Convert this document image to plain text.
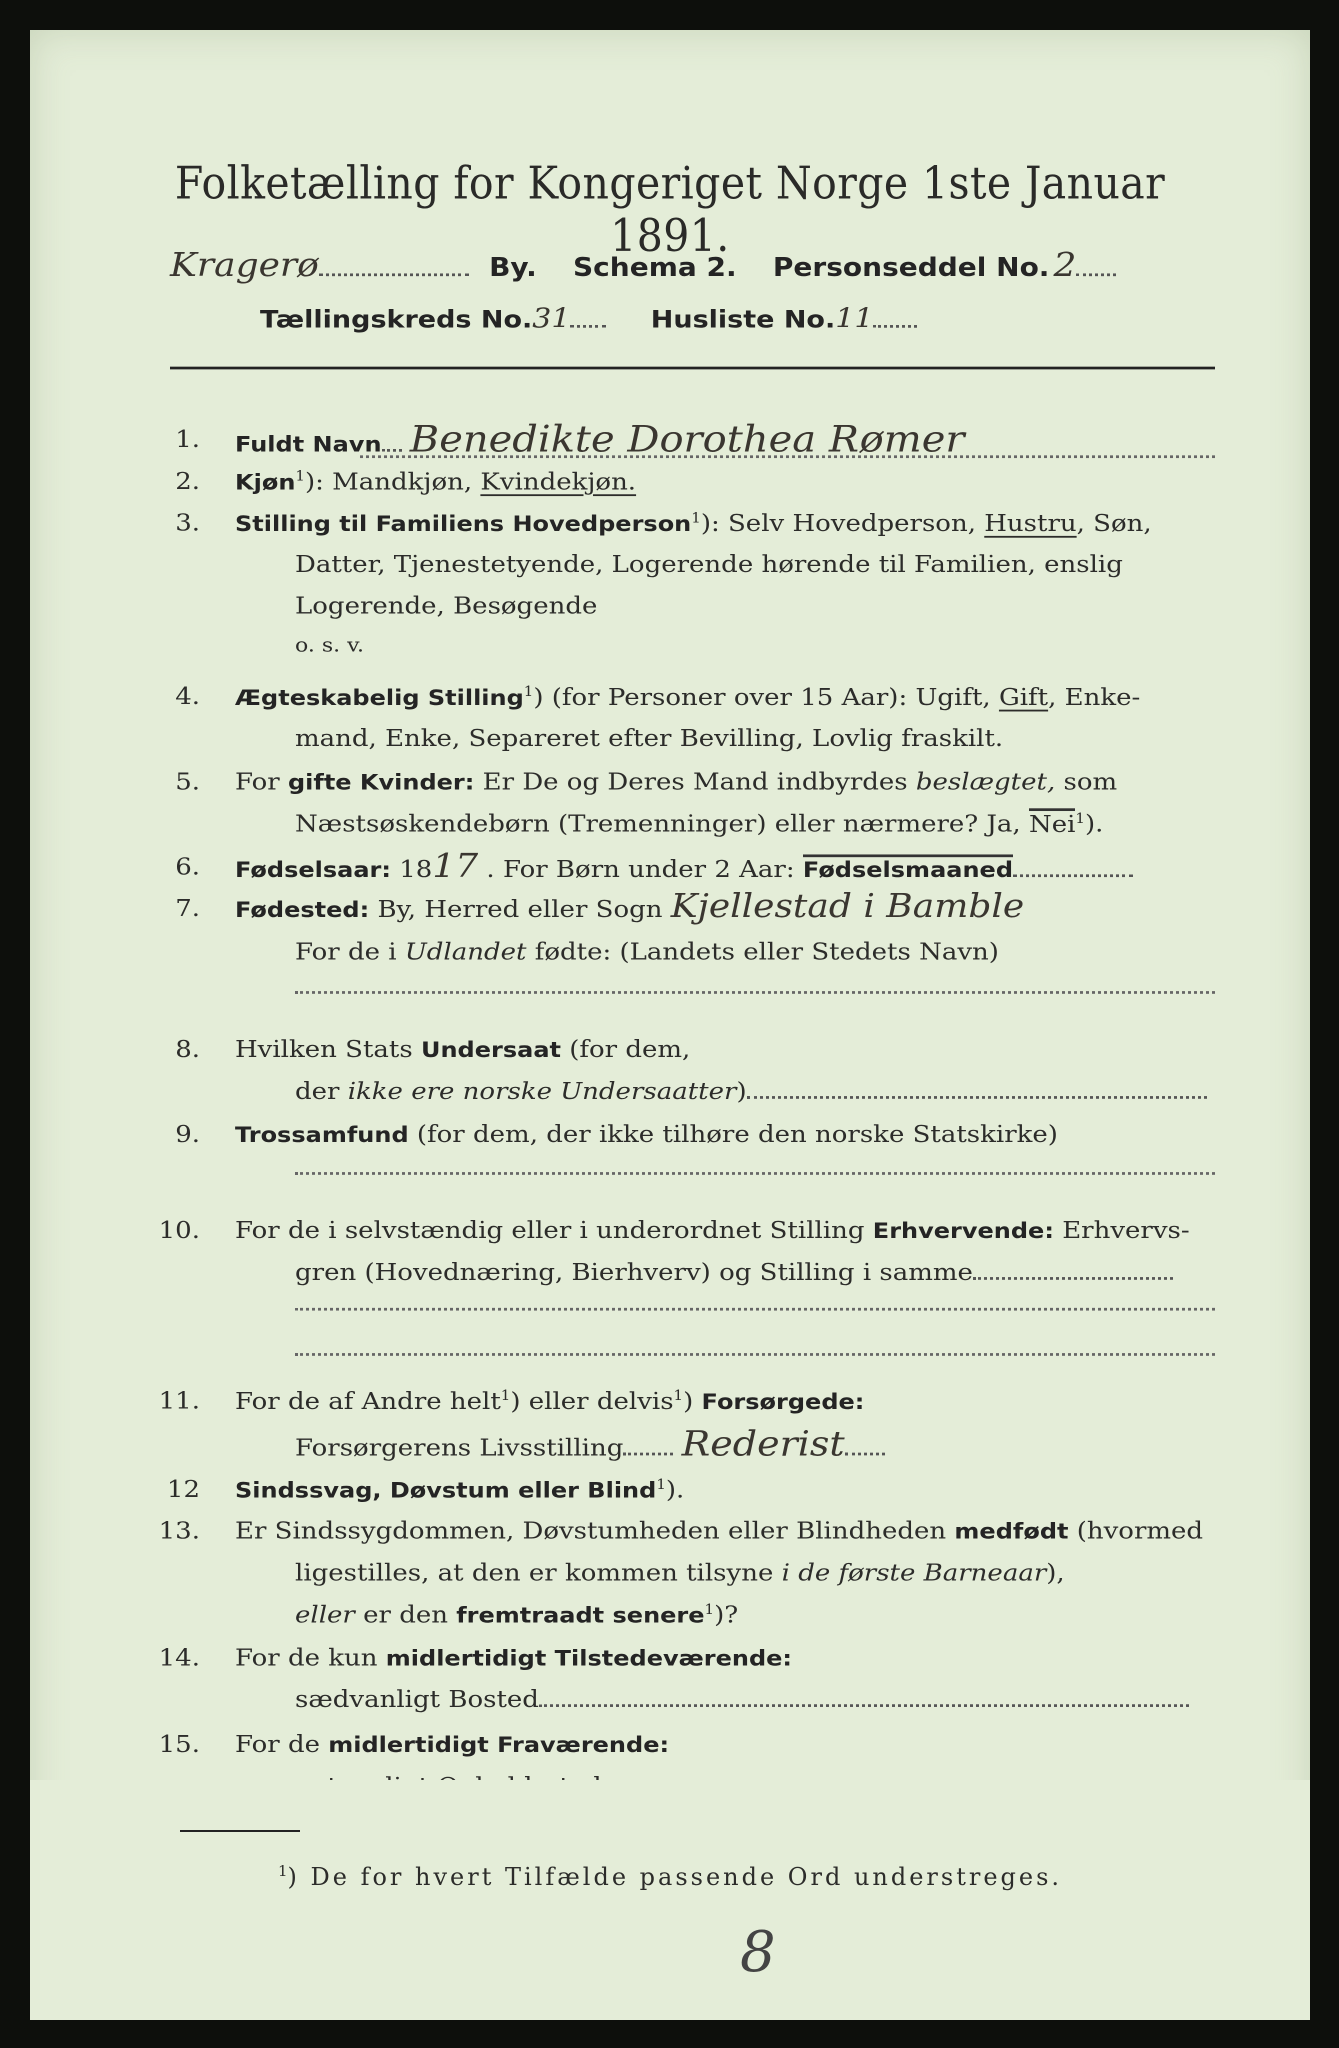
Folketælling for Kongeriget Norge 1ste Januar 1891.
Kragerø	By. Schema 2. Personseddel No. 2
Tællingskreds No.31	Husliste No.11
1. Fuldt Navn Benedikte Dorothea Rømer
2. Kjøn$^1$): Mandkjøn, Kvindekjøn.
3. Stilling til Familiens Hovedperson$^1$): Selv Hovedperson, Hustru, Søn,
Datter, Tjenestetyende, Logerende hørende til Familien, enslig
Logerende, Besøgende
o. s. v.
4. Ægteskabelig Stilling$^1$) (for Personer over 15 Aar): Ugift, Gift, Enke-
mand, Enke, Separeret efter Bevilling, Lovlig fraskilt.
5. For gifte Kvinder: Er De og Deres Mand indbyrdes beslægtet, som
Næstsøskendebørn (Tremenninger) eller nærmere? Ja, Nei$^1$).
6. Fødselsaar: 1817 . For Børn under 2 Aar: Fødselsmaaned
7. Fødested: By, Herred eller Sogn Kjellestad i Bamble
For de i Udlandet fødte: (Landets eller Stedets Navn)
8. Hvilken Stats Undersaat (for dem,
der ikke ere norske Undersaatter)
9. Trossamfund (for dem, der ikke tilhøre den norske Statskirke)
10. For de i selvstændig eller i underordnet Stilling Erhvervende: Erhvervs-
gren (Hovednæring, Bierhverv) og Stilling i samme
11. For de af Andre helt$^1$) eller delvis$^1$) Forsørgede:
Forsørgerens Livsstilling Rederist
12 Sindssvag, Døvstum eller Blind$^1$).
13. Er Sindssygdommen, Døvstumheden eller Blindheden medfødt (hvormed
ligestilles, at den er kommen tilsyne i de første Barneaar),
eller er den fremtraadt senere$^1$)?
14. For de kun midlertidigt Tilstedeværende:
sædvanligt Bosted
15. For de midlertidigt Fraværende:
$^1$) De for hvert Tilfælde passende Ord understreges.
8
